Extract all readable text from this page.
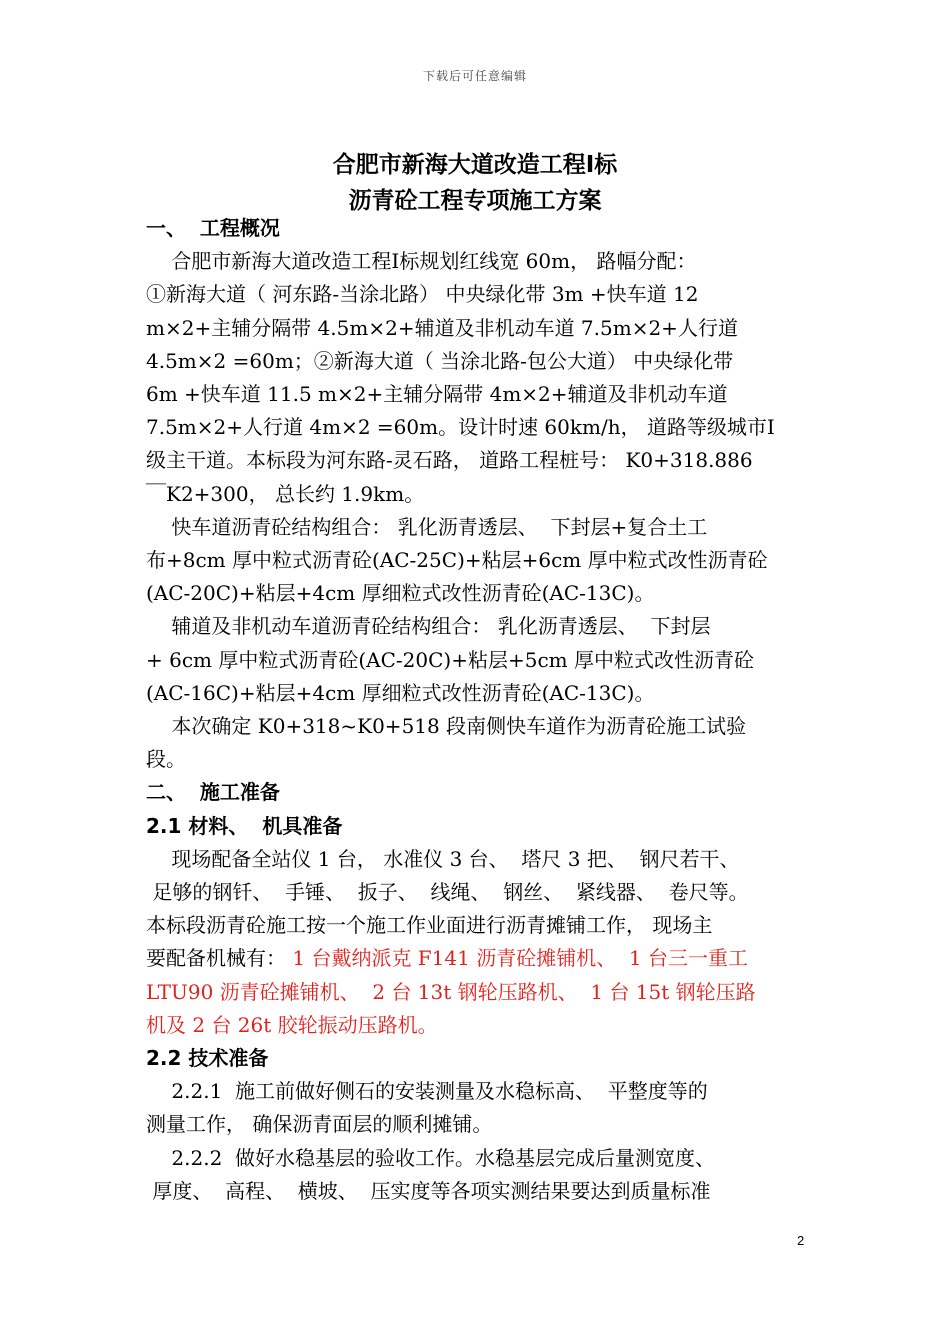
下载后可任意编辑
合肥市新海大道改造工程Ⅰ标
沥青砼工程专项施工方案
一、  工程概况
合肥市新海大道改造工程Ⅰ标规划红线宽 60m， 路幅分配：
①新海大道（ 河东路-当涂北路） 中央绿化带 3m +快车道 12
m×2+主辅分隔带 4.5m×2+辅道及非机动车道 7.5m×2+人行道
4.5m×2 =60m；②新海大道（ 当涂北路-包公大道） 中央绿化带
6m +快车道 11.5 m×2+主辅分隔带 4m×2+辅道及非机动车道
7.5m×2+人行道 4m×2 =60m。设计时速 60km/h， 道路等级城市Ⅰ
级主干道。本标段为河东路-灵石路， 道路工程桩号： K0+318.886
￣K2+300， 总长约 1.9km。
快车道沥青砼结构组合： 乳化沥青透层、  下封层+复合土工
布+8cm 厚中粒式沥青砼(AC-25C)+粘层+6cm 厚中粒式改性沥青砼
(AC-20C)+粘层+4cm 厚细粒式改性沥青砼(AC-13C)。
辅道及非机动车道沥青砼结构组合： 乳化沥青透层、  下封层
+ 6cm 厚中粒式沥青砼(AC-20C)+粘层+5cm 厚中粒式改性沥青砼
(AC-16C)+粘层+4cm 厚细粒式改性沥青砼(AC-13C)。
本次确定 K0+318~K0+518 段南侧快车道作为沥青砼施工试验
段。
二、  施工准备
2.1 材料、  机具准备
现场配备全站仪 1 台， 水准仪 3 台、  塔尺 3 把、  钢尺若干、
足够的钢钎、  手锤、  扳子、  线绳、  钢丝、  紧线器、  卷尺等。
本标段沥青砼施工按一个施工作业面进行沥青摊铺工作， 现场主
要配备机械有： 1 台戴纳派克 F141 沥青砼摊铺机、  1 台三一重工
LTU90 沥青砼摊铺机、  2 台 13t 钢轮压路机、  1 台 15t 钢轮压路
机及 2 台 26t 胶轮振动压路机。
2.2 技术准备
2.2.1  施工前做好侧石的安装测量及水稳标高、  平整度等的
测量工作， 确保沥青面层的顺利摊铺。
2.2.2  做好水稳基层的验收工作。水稳基层完成后量测宽度、
厚度、  高程、  横坡、  压实度等各项实测结果要达到质量标准
2
